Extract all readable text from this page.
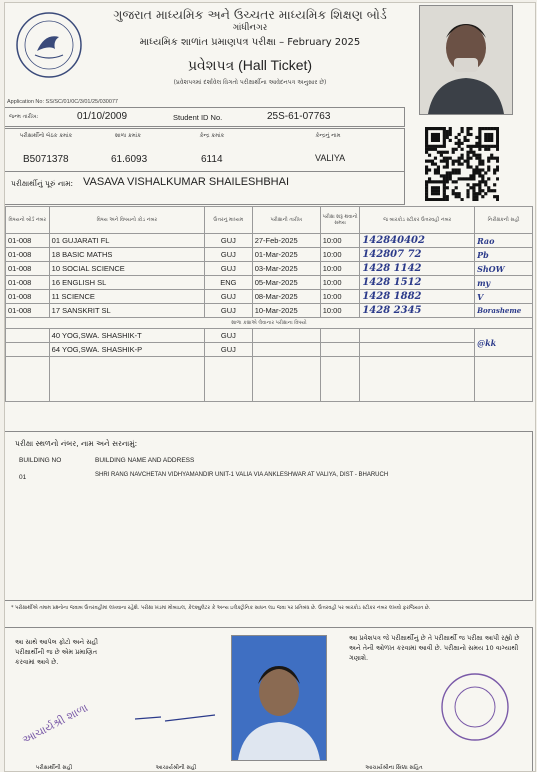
ગુજરાત માધ્યમિક અને ઉચ્ચતર માધ્યમિક શિક્ષણ બોર્ડ
ગાંધીનગર
માધ્યમિક શાળાંત પ્રમાણપત્ર પરીક્ષા – February 2025
પ્રવેશપત્ર (Hall Ticket)
(પ્રવેશપત્રમાં દર્શાવેલ વિગતો પરીક્ષાર્થીના આવેદનપત્ર અનુસાર છે)
Application No: SS/SC/01/0C/3/01/25/030077
જન્મ તારીખ:	01/10/2009	Student ID No.	25S-61-07763
પરીક્ષાર્થીનો બેઠક ક્રમાંક	શાળા ક્રમાંક	કેન્દ્ર ક્રમાંક	કેન્દ્રનું નામ
B5071378	61.6093	6114	VALIYA
પરીક્ષાર્થીનું પૂરું નામ: VASAVA VISHALKUMAR SHAILESHBHAI
વિષયનો બોર્ડ નંબર	વિષય અને વિષયનો કોડ નંબર	ઉત્તરનું માધ્યમ	પરીક્ષાની તારીખ	પરીક્ષા શરૂ થવાનો સમય	જ બારકોડ સ્ટીકર ઉત્તરવહી નંબર	નિરીક્ષકની સહી
01-008	01 GUJARATI FL	GUJ	27-Feb-2025	10:00	142840402	Rao
01-008	18 BASIC MATHS	GUJ	01-Mar-2025	10:00	142807 72	Pb
01-008	10 SOCIAL SCIENCE	GUJ	03-Mar-2025	10:00	1428 1142	ShOW
01-008	16 ENGLISH SL	ENG	05-Mar-2025	10:00	1428 1512	my
01-008	11 SCIENCE	GUJ	08-Mar-2025	10:00	1428 1882	V
01-008	17 SANSKRIT SL	GUJ	10-Mar-2025	10:00	1428 2345	Borasheme
શાળા કક્ષાએ લેવાનાર પરીક્ષાના વિષયો						
	40 YOG,SWA. SHASHIK-T	GUJ				@kk
	64 YOG,SWA. SHASHIK-P	GUJ				

પરીક્ષા સ્થળનો નંબર, નામ અને સરનામું:
BUILDING NO	BUILDING NAME AND ADDRESS
01	SHRI RANG NAVCHETAN VIDHYAMANDIR UNIT-1 VALIA VIA ANKLESHWAR AT VALIYA, DIST - BHARUCH
* પરીક્ષાર્થીએ તમામ પ્રશ્નોના જવાબ ઉત્તરવહીમાં લખવાના રહેશે. પરીક્ષા ખંડમાં મોબાઇલ, કેલ્ક્યુલેટર કે અન્ય ઇલેક્ટ્રોનિક સાધન લઇ જવા પર પ્રતિબંધ છે. ઉત્તરવહી પર બારકોડ સ્ટીકર નંબર લખવો ફરજિયાત છે.
આ સાથે આપેલ ફોટો અને સહી પરીક્ષાર્થીની જ છે એમ પ્રમાણિત કરવામાં આવે છે.
આ પ્રવેશપત્ર જે પરીક્ષાર્થીનું છે તે પરીક્ષાર્થી જ પરીક્ષા આપી રહ્યો છે અને તેની ઓળખ કરવામાં આવી છે. પરીક્ષાનો સમય 10 વાગ્યાથી ગણાશે.
આચાર્યશ્રી શાળા
પરીક્ષાર્થીની સહી	આચાર્યશ્રીની સહી	આચાર્યશ્રીના સિક્કા સહિત
